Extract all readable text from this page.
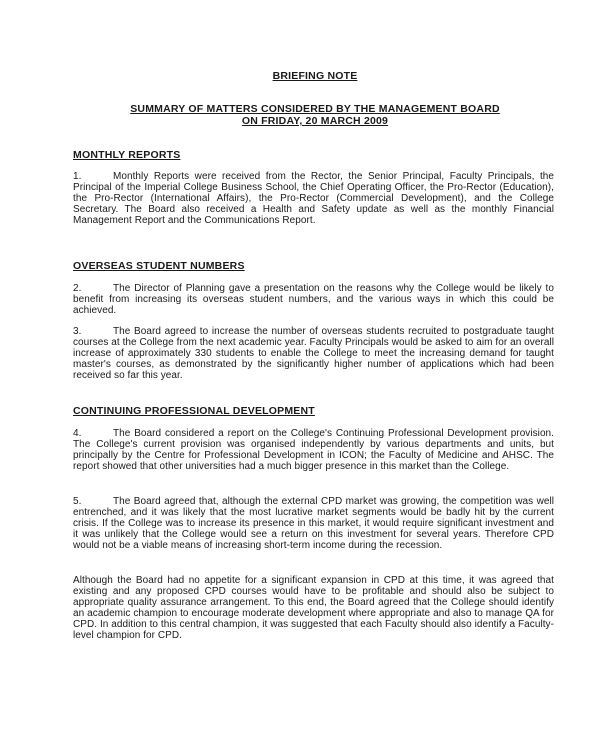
BRIEFING NOTE
SUMMARY OF MATTERS CONSIDERED BY THE MANAGEMENT BOARD
ON FRIDAY, 20 MARCH 2009
MONTHLY REPORTS
1.	Monthly Reports were received from the Rector, the Senior Principal, Faculty Principals, the Principal of the Imperial College Business School, the Chief Operating Officer, the Pro-Rector (Education), the Pro-Rector (International Affairs), the Pro-Rector (Commercial Development), and the College Secretary. The Board also received a Health and Safety update as well as the monthly Financial Management Report and the Communications Report.
OVERSEAS STUDENT NUMBERS
2.	The Director of Planning gave a presentation on the reasons why the College would be likely to benefit from increasing its overseas student numbers, and the various ways in which this could be achieved.
3.	The Board agreed to increase the number of overseas students recruited to postgraduate taught courses at the College from the next academic year. Faculty Principals would be asked to aim for an overall increase of approximately 330 students to enable the College to meet the increasing demand for taught master's courses, as demonstrated by the significantly higher number of applications which had been received so far this year.
CONTINUING PROFESSIONAL DEVELOPMENT
4.	The Board considered a report on the College's Continuing Professional Development provision. The College's current provision was organised independently by various departments and units, but principally by the Centre for Professional Development in ICON; the Faculty of Medicine and AHSC. The report showed that other universities had a much bigger presence in this market than the College.
5.	The Board agreed that, although the external CPD market was growing, the competition was well entrenched, and it was likely that the most lucrative market segments would be badly hit by the current crisis. If the College was to increase its presence in this market, it would require significant investment and it was unlikely that the College would see a return on this investment for several years. Therefore CPD would not be a viable means of increasing short-term income during the recession.
Although the Board had no appetite for a significant expansion in CPD at this time, it was agreed that existing and any proposed CPD courses would have to be profitable and should also be subject to appropriate quality assurance arrangement. To this end, the Board agreed that the College should identify an academic champion to encourage moderate development where appropriate and also to manage QA for CPD. In addition to this central champion, it was suggested that each Faculty should also identify a Faculty-level champion for CPD.
